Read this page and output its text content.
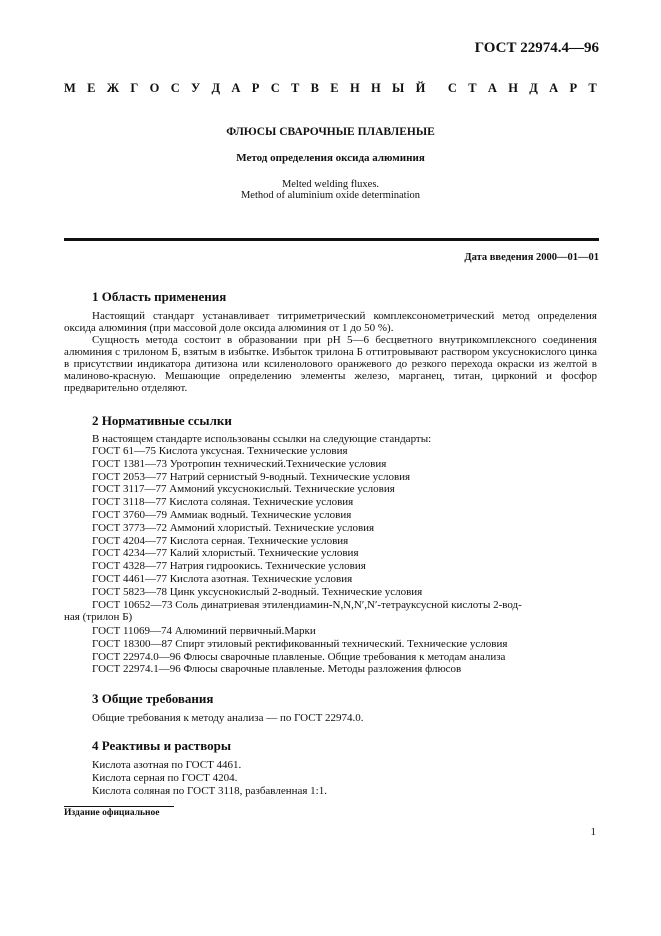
ГОСТ 22974.4—96
М Е Ж Г О С У Д А Р С Т В Е Н Н Ы Й С Т А Н Д А Р Т
ФЛЮСЫ СВАРОЧНЫЕ ПЛАВЛЕНЫЕ
Метод определения оксида алюминия
Melted welding fluxes.
Method of aluminium oxide determination
Дата введения 2000—01—01
1 Область применения
Настоящий стандарт устанавливает титриметрический комплексонометрический метод определения оксида алюминия (при массовой доле оксида алюминия от 1 до 50 %).
Сущность метода состоит в образовании при рН 5—6 бесцветного внутрикомплексного соединения алюминия с трилоном Б, взятым в избытке. Избыток трилона Б оттитровывают раствором уксуснокислого цинка в присутствии индикатора дитизона или ксиленолового оранжевого до резкого перехода окраски из желтой в малиново-красную. Мешающие определению элементы железо, марганец, титан, цирконий и фосфор предварительно отделяют.
2 Нормативные ссылки
В настоящем стандарте использованы ссылки на следующие стандарты:
ГОСТ 61—75 Кислота уксусная. Технические условия
ГОСТ 1381—73 Уротропин технический.Технические условия
ГОСТ 2053—77 Натрий сернистый 9-водный. Технические условия
ГОСТ 3117—77 Аммоний уксуснокислый. Технические условия
ГОСТ 3118—77 Кислота соляная. Технические условия
ГОСТ 3760—79 Аммиак водный. Технические условия
ГОСТ 3773—72 Аммоний хлористый. Технические условия
ГОСТ 4204—77 Кислота серная. Технические условия
ГОСТ 4234—77 Калий хлористый. Технические условия
ГОСТ 4328—77 Натрия гидроокись. Технические условия
ГОСТ 4461—77 Кислота азотная. Технические условия
ГОСТ 5823—78 Цинк уксуснокислый 2-водный. Технические условия
ГОСТ 10652—73 Соль динатриевая этилендиамин-N,N,N′,N′-тетрауксусной кислоты 2-вод-
ная (трилон Б)
ГОСТ 11069—74 Алюминий первичный.Марки
ГОСТ 18300—87 Спирт этиловый ректификованный технический. Технические условия
ГОСТ 22974.0—96 Флюсы сварочные плавленые. Общие требования к методам анализа
ГОСТ 22974.1—96 Флюсы сварочные плавленые. Методы разложения флюсов
3 Общие требования
Общие требования к методу анализа — по ГОСТ 22974.0.
4 Реактивы и растворы
Кислота азотная по ГОСТ 4461.
Кислота серная по ГОСТ 4204.
Кислота соляная по ГОСТ 3118, разбавленная 1:1.
Издание официальное
1
